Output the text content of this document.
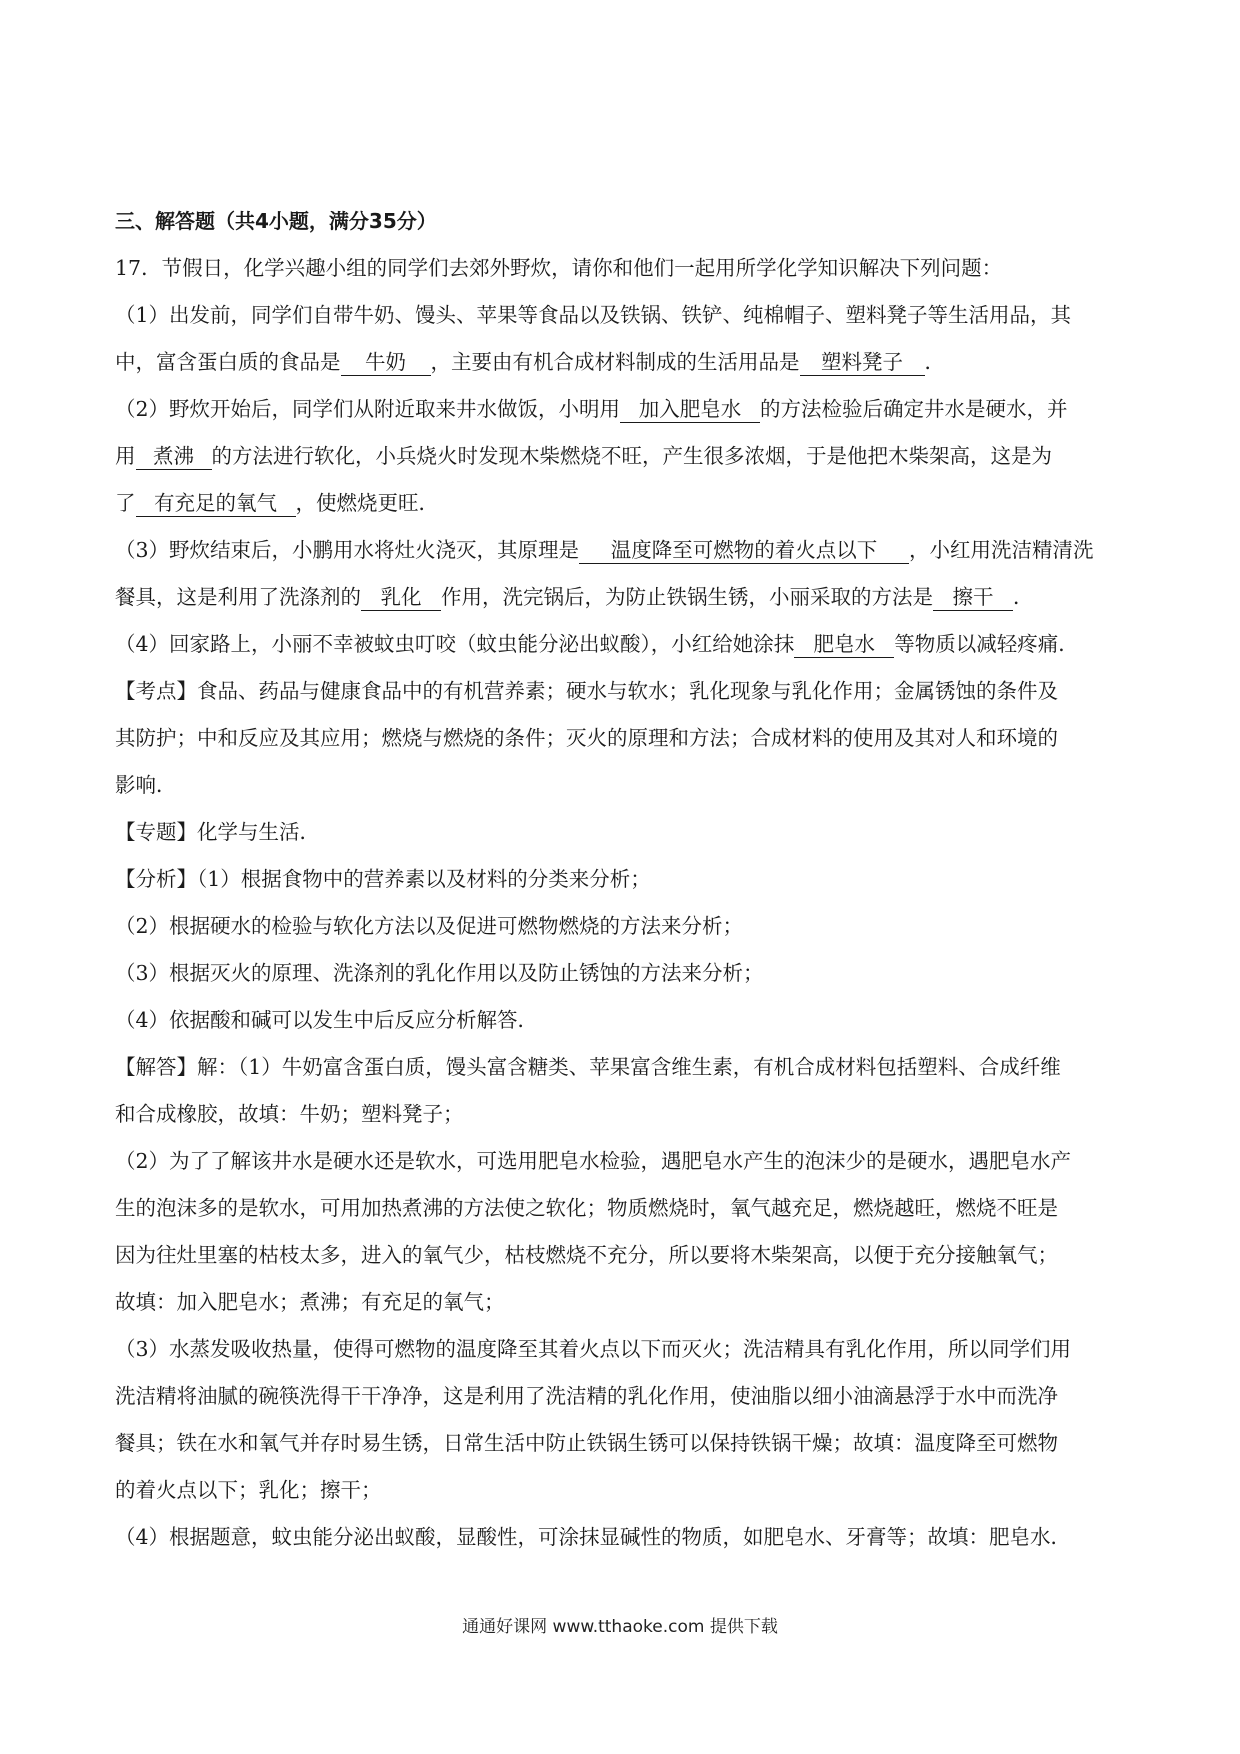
三、解答题（共4小题，满分35分）
17．节假日，化学兴趣小组的同学们去郊外野炊，请你和他们一起用所学化学知识解决下列问题：
（1）出发前，同学们自带牛奶、馒头、苹果等食品以及铁锅、铁铲、纯棉帽子、塑料凳子等生活用品，其
中，富含蛋白质的食品是 牛奶 ，主要由有机合成材料制成的生活用品是 塑料凳子 ．
（2）野炊开始后，同学们从附近取来井水做饭，小明用 加入肥皂水 的方法检验后确定井水是硬水，并
用 煮沸 的方法进行软化，小兵烧火时发现木柴燃烧不旺，产生很多浓烟，于是他把木柴架高，这是为
了 有充足的氧气 ，使燃烧更旺．
（3）野炊结束后，小鹏用水将灶火浇灭，其原理是 温度降至可燃物的着火点以下 ，小红用洗洁精清洗
餐具，这是利用了洗涤剂的 乳化 作用，洗完锅后，为防止铁锅生锈，小丽采取的方法是 擦干 ．
（4）回家路上，小丽不幸被蚊虫叮咬（蚊虫能分泌出蚁酸），小红给她涂抹 肥皂水 等物质以减轻疼痛．
【考点】食品、药品与健康食品中的有机营养素；硬水与软水；乳化现象与乳化作用；金属锈蚀的条件及
其防护；中和反应及其应用；燃烧与燃烧的条件；灭火的原理和方法；合成材料的使用及其对人和环境的
影响．
【专题】化学与生活．
【分析】（1）根据食物中的营养素以及材料的分类来分析；
（2）根据硬水的检验与软化方法以及促进可燃物燃烧的方法来分析；
（3）根据灭火的原理、洗涤剂的乳化作用以及防止锈蚀的方法来分析；
（4）依据酸和碱可以发生中后反应分析解答．
【解答】解：（1）牛奶富含蛋白质，馒头富含糖类、苹果富含维生素，有机合成材料包括塑料、合成纤维
和合成橡胶，故填：牛奶；塑料凳子；
（2）为了了解该井水是硬水还是软水，可选用肥皂水检验，遇肥皂水产生的泡沫少的是硬水，遇肥皂水产
生的泡沫多的是软水，可用加热煮沸的方法使之软化；物质燃烧时，氧气越充足，燃烧越旺，燃烧不旺是
因为往灶里塞的枯枝太多，进入的氧气少，枯枝燃烧不充分，所以要将木柴架高，以便于充分接触氧气；
故填：加入肥皂水；煮沸；有充足的氧气；
（3）水蒸发吸收热量，使得可燃物的温度降至其着火点以下而灭火；洗洁精具有乳化作用，所以同学们用
洗洁精将油腻的碗筷洗得干干净净，这是利用了洗洁精的乳化作用，使油脂以细小油滴悬浮于水中而洗净
餐具；铁在水和氧气并存时易生锈，日常生活中防止铁锅生锈可以保持铁锅干燥；故填：温度降至可燃物
的着火点以下；乳化；擦干；
（4）根据题意，蚊虫能分泌出蚁酸，显酸性，可涂抹显碱性的物质，如肥皂水、牙膏等；故填：肥皂水．
通通好课网 www.tthaoke.com 提供下载
